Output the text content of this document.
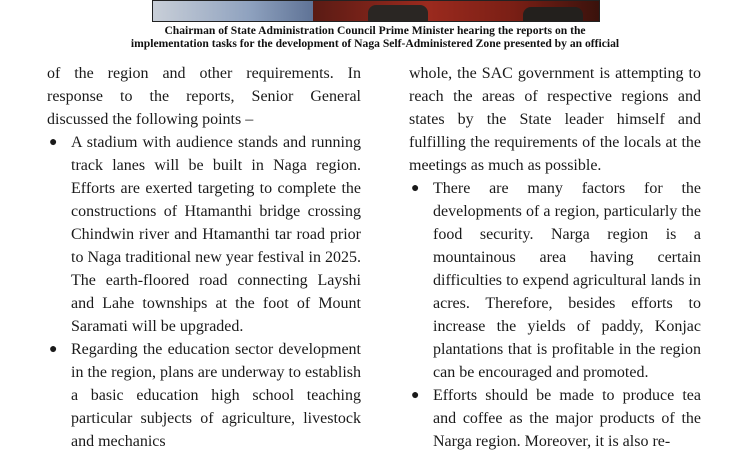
Chairman of State Administration Council Prime Minister hearing the reports on the
implementation tasks for the development of Naga Self-Administered Zone presented by an official

of the region and other requirements. In response to the reports, Senior General discussed the following points –

● A stadium with audience stands and running track lanes will be built in Naga region. Efforts are exerted targeting to complete the constructions of Htamanthi bridge crossing Chindwin river and Htamanthi tar road prior to Naga traditional new year festival in 2025. The earth-floored road connecting Layshi and Lahe townships at the foot of Mount Saramati will be upgraded.
● Regarding the education sector development in the region, plans are underway to establish a basic education high school teaching particular subjects of agriculture, livestock and mechanics

whole, the SAC government is attempting to reach the areas of respective regions and states by the State leader himself and fulfilling the requirements of the locals at the meetings as much as possible.

● There are many factors for the developments of a region, particularly the food security. Narga region is a mountainous area having certain difficulties to expend agricultural lands in acres. Therefore, besides efforts to increase the yields of paddy, Konjac plantations that is profitable in the region can be encouraged and promoted.
● Efforts should be made to produce tea and coffee as the major products of the Narga region. Moreover, it is also re-
